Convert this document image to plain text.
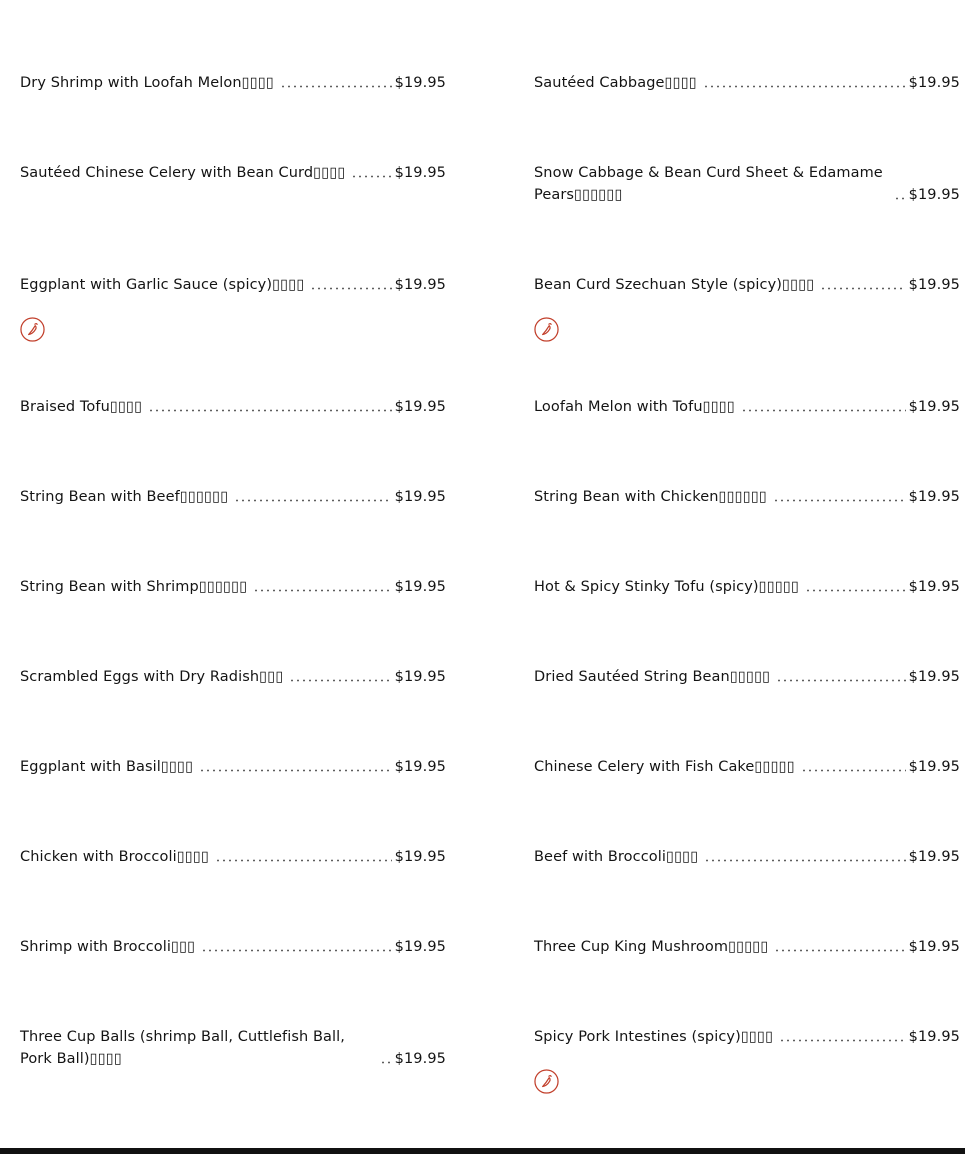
Dry Shrimp with Loofah Melon▯▯▯▯	$19.95
Sautéed Chinese Celery with Bean Curd▯▯▯▯	$19.95
Eggplant with Garlic Sauce (spicy)▯▯▯▯	$19.95
Braised Tofu▯▯▯▯	$19.95
String Bean with Beef▯▯▯▯▯▯	$19.95
String Bean with Shrimp▯▯▯▯▯▯	$19.95
Scrambled Eggs with Dry Radish▯▯▯	$19.95
Eggplant with Basil▯▯▯▯	$19.95
Chicken with Broccoli▯▯▯▯	$19.95
Shrimp with Broccoli▯▯▯	$19.95
Three Cup Balls (shrimp Ball, Cuttlefish Ball, Pork Ball)▯▯▯▯	$19.95
Sautéed Cabbage▯▯▯▯	$19.95
Snow Cabbage & Bean Curd Sheet & Edamame Pears▯▯▯▯▯▯	$19.95
Bean Curd Szechuan Style (spicy)▯▯▯▯	$19.95
Loofah Melon with Tofu▯▯▯▯	$19.95
String Bean with Chicken▯▯▯▯▯▯	$19.95
Hot & Spicy Stinky Tofu (spicy)▯▯▯▯▯	$19.95
Dried Sautéed String Bean▯▯▯▯▯	$19.95
Chinese Celery with Fish Cake▯▯▯▯▯	$19.95
Beef with Broccoli▯▯▯▯	$19.95
Three Cup King Mushroom▯▯▯▯▯	$19.95
Spicy Pork Intestines (spicy)▯▯▯▯	$19.95
